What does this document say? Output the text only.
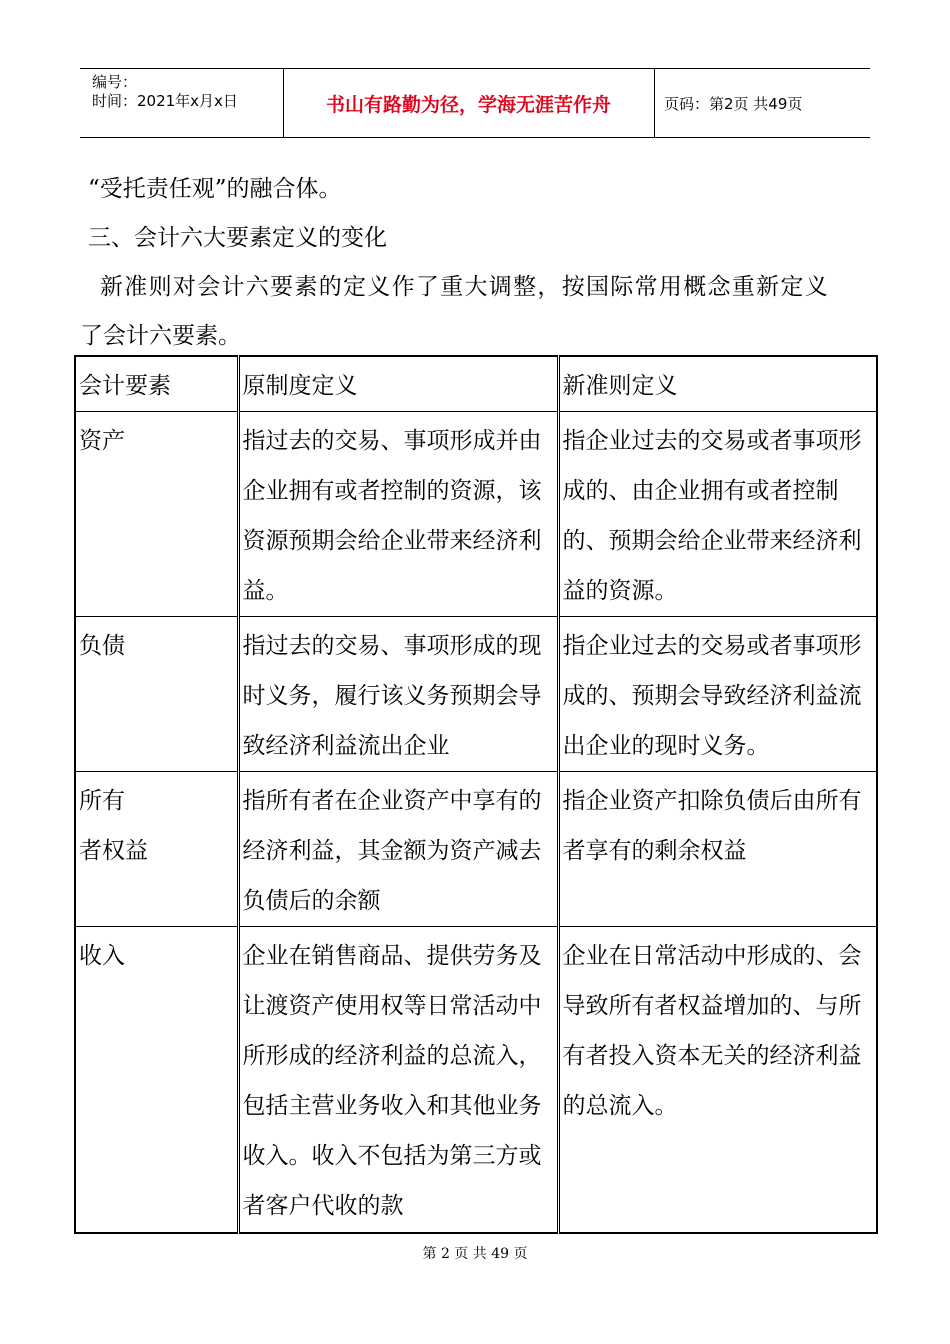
编号：
时间：2021年x月x日	书山有路勤为径，学海无涯苦作舟	页码：第2页 共49页
“受托责任观”的融合体。
三、会计六大要素定义的变化
新准则对会计六要素的定义作了重大调整，按国际常用概念重新定义
了会计六要素。
会计要素	原制度定义	新准则定义
资产	指过去的交易、事项形成并由企业拥有或者控制的资源，该资源预期会给企业带来经济利益。	指企业过去的交易或者事项形成的、由企业拥有或者控制的、预期会给企业带来经济利益的资源。
负债	指过去的交易、事项形成的现时义务，履行该义务预期会导致经济利益流出企业	指企业过去的交易或者事项形成的、预期会导致经济利益流出企业的现时义务。

所有
者权益	指所有者在企业资产中享有的经济利益，其金额为资产减去负债后的余额	指企业资产扣除负债后由所有者享有的剩余权益
收入	企业在销售商品、提供劳务及让渡资产使用权等日常活动中所形成的经济利益的总流入，包括主营业务收入和其他业务收入。收入不包括为第三方或者客户代收的款	企业在日常活动中形成的、会导致所有者权益增加的、与所有者投入资本无关的经济利益的总流入。
第 2 页 共 49 页
